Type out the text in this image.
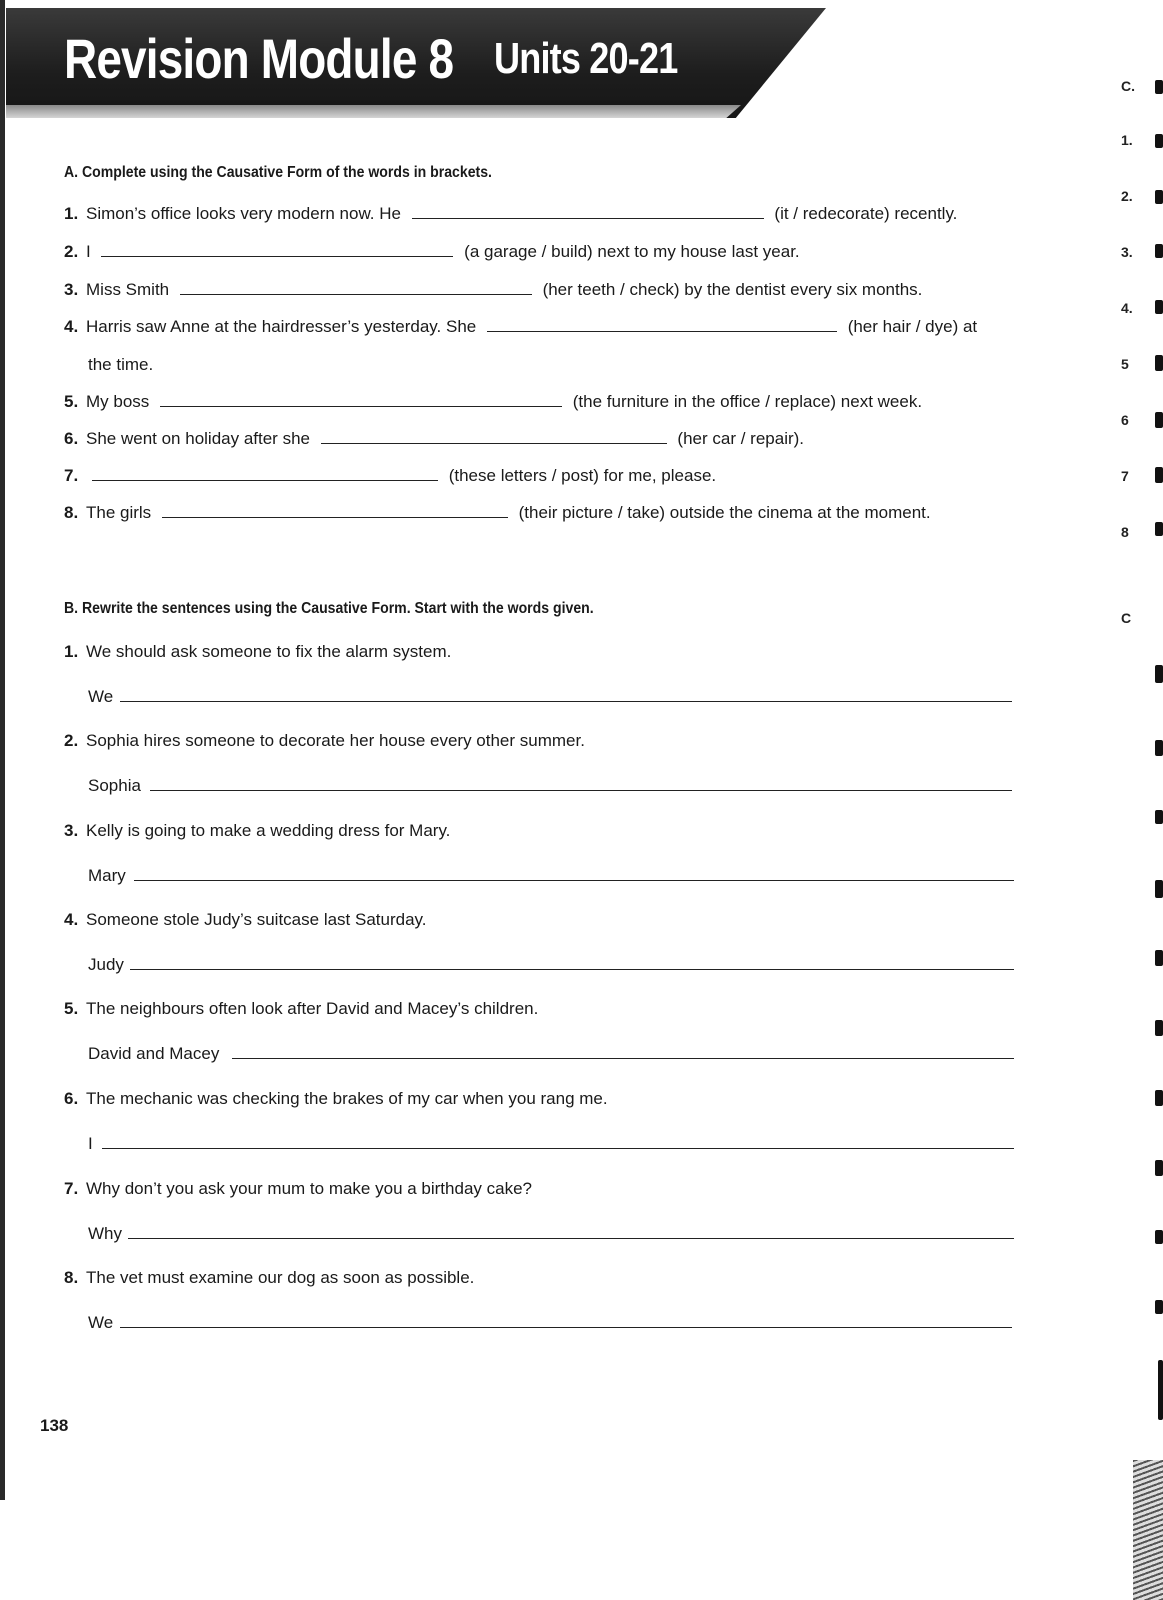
Revision Module 8 Units 20-21
A. Complete using the Causative Form of the words in brackets.
1. Simon’s office looks very modern now. He	(it / redecorate) recently.
2. I	(a garage / build) next to my house last year.
3. Miss Smith	(her teeth / check) by the dentist every six months.
4. Harris saw Anne at the hairdresser’s yesterday. She	(her hair / dye) at
the time.
5. My boss	(the furniture in the office / replace) next week.
6. She went on holiday after she	(her car / repair).
7.	(these letters / post) for me, please.
8. The girls	(their picture / take) outside the cinema at the moment.
B. Rewrite the sentences using the Causative Form. Start with the words given.
1. We should ask someone to fix the alarm system.
We
2. Sophia hires someone to decorate her house every other summer.
Sophia
3. Kelly is going to make a wedding dress for Mary.
Mary
4. Someone stole Judy’s suitcase last Saturday.
Judy
5. The neighbours often look after David and Macey’s children.
David and Macey
6. The mechanic was checking the brakes of my car when you rang me.
I
7. Why don’t you ask your mum to make you a birthday cake?
Why
8. The vet must examine our dog as soon as possible.
We
138
C.
1.
2.
3.
4.
5
6
7
8
C
